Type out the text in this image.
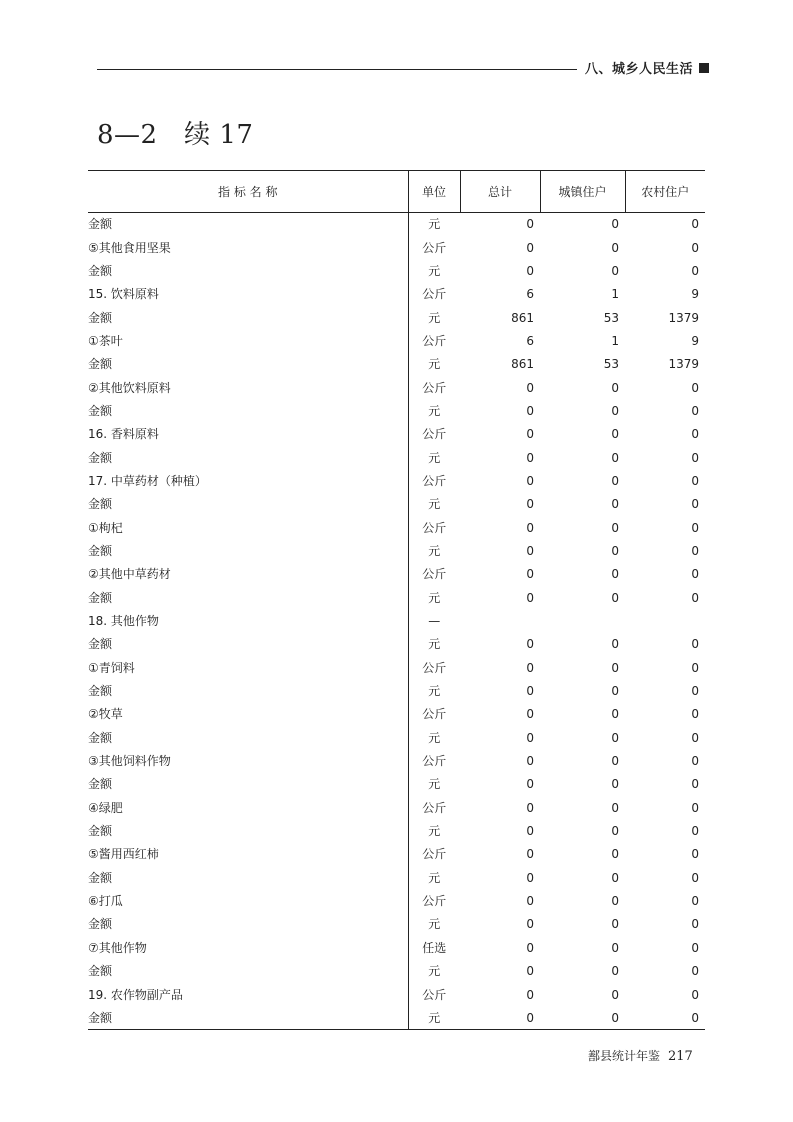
八、城乡人民生活
8—2　续 17
指 标 名 称	单位	总计	城镇住户	农村住户
金额	元	0	0	0
⑤其他食用坚果	公斤	0	0	0
金额	元	0	0	0
15. 饮料原料	公斤	6	1	9
金额	元	861	53	1379
①茶叶	公斤	6	1	9
金额	元	861	53	1379
②其他饮料原料	公斤	0	0	0
金额	元	0	0	0
16. 香料原料	公斤	0	0	0
金额	元	0	0	0
17. 中草药材（种植）	公斤	0	0	0
金额	元	0	0	0
①枸杞	公斤	0	0	0
金额	元	0	0	0
②其他中草药材	公斤	0	0	0
金额	元	0	0	0
18. 其他作物	—			
金额	元	0	0	0
①青饲料	公斤	0	0	0
金额	元	0	0	0
②牧草	公斤	0	0	0
金额	元	0	0	0
③其他饲料作物	公斤	0	0	0
金额	元	0	0	0
④绿肥	公斤	0	0	0
金额	元	0	0	0
⑤酱用西红柿	公斤	0	0	0
金额	元	0	0	0
⑥打瓜	公斤	0	0	0
金额	元	0	0	0
⑦其他作物	任选	0	0	0
金额	元	0	0	0
19. 农作物副产品	公斤	0	0	0
金额	元	0	0	0
鄯县统计年鉴 217
